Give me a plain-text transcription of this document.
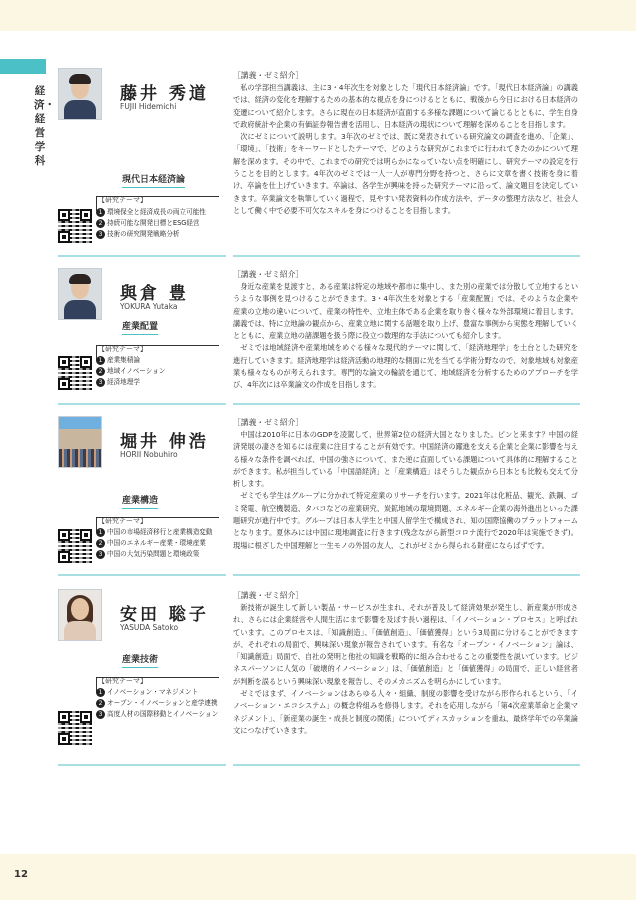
経済・経営学科
藤井 秀道
FUJII Hidemichi
現代日本経済論
【研究テーマ】
1 環境保全と経済成長の両立可能性
2 持続可能な開発目標とESG経営
3 技術の研究開発戦略分析
［講義・ゼミ紹介］

私の学部担当講義は、主に3・4年次生を対象とした「現代日本経済論」です。「現代日本経済論」の講義では、経済の変化を理解するための基本的な視点を身につけるとともに、戦後から今日における日本経済の変遷について紹介します。さらに現在の日本経済が直面する多様な課題について論じるとともに、学生自身で政府統計や企業の有価証券報告書を活用し、日本経済の現状について理解を深めることを目指します。

次にゼミについて説明します。3年次のゼミでは、既に発表されている研究論文の調査を進め、「企業」、「環境」、「技術」をキーワードとしたテーマで、どのような研究がこれまでに行われてきたのかについて理解を深めます。その中で、これまでの研究では明らかになっていない点を明確にし、研究テーマの設定を行うことを目的とします。4年次のゼミでは一人一人が専門分野を持つと、さらに文章を書く技術を身に着け、卒論を仕上げていきます。卒論は、各学生が興味を持った研究テーマに沿って、論文題目を決定していきます。卒業論文を執筆していく過程で、見やすい発表資料の作成方法や、データの整理方法など、社会人として働く中で必要不可欠なスキルを身につけることを目指します。

與倉 豊
YOKURA Yutaka
産業配置
【研究テーマ】
1 産業集積論
2 地域イノベーション
3 経済地理学
［講義・ゼミ紹介］

身近な産業を見渡すと、ある産業は特定の地域や都市に集中し、また別の産業では分散して立地するというような事例を見つけることができます。3・4年次生を対象とする「産業配置」では、そのような企業や産業の立地の違いについて、産業の特性や、立地主体である企業を取り巻く様々な外部環境に着目します。講義では、特に立地論の観点から、産業立地に関する話題を取り上げ、豊富な事例から実態を理解していくとともに、産業立地の諸課題を扱う際に役立つ数理的な手法についても紹介します。

ゼミでは地域経済や産業地域をめぐる様々な現代的テーマに関して、「経済地理学」を土台とした研究を進行していきます。経済地理学は経済活動の地理的な側面に光を当てる学術分野なので、対象地域も対象産業も様々なものが考えられます。専門的な論文の輪読を通じて、地域経済を分析するためのアプローチを学び、4年次には卒業論文の作成を目指します。

堀井 伸浩
HORII Nobuhiro
産業構造
【研究テーマ】
1 中国の市場経済移行と産業構造変動
2 中国のエネルギー産業・環境産業
3 中国の大気汚染問題と環境政策
［講義・ゼミ紹介］

中国は2010年に日本のGDPを凌駕して、世界第2位の経済大国となりました。ピンと来ます？中国の経済発展の凄さを知るには産業に注目することが有効です。中国経済の躍進を支える企業と企業に影響を与える様々な条件を調べれば、中国の強さについて、また逆に直面している課題について具体的に理解することができます。私が担当している「中国語経済」と「産業構造」はそうした観点から日本とも比較も交えて分析します。

ゼミでも学生はグループに分かれて特定産業のリサーチを行います。2021年は化粧品、観光、鉄鋼、ゴミ発電、航空機製造、タバコなどの産業研究、炭鉱地域の環境問題、エネルギー企業の海外進出といった課題研究が進行中です。グループは日本人学生と中国人留学生で構成され、知の国際協働のプラットフォームとなります。夏休みには中国に現地調査に行きます(残念ながら新型コロナ流行で2020年は実施できず)。現場に根ざした中国理解と一生モノの外国の友人、これがゼミから得られる財産にならばずです。

安田 聡子
YASUDA Satoko
産業技術
【研究テーマ】
1 イノベーション・マネジメント
2 オープン・イノベーションと産学連携
3 高度人材の国際移動とイノベーション
［講義・ゼミ紹介］

新技術が誕生して新しい製品・サービスが生まれ、それが普及して経済効果が発生し、新産業が形成され、さらには企業経営や人間生活にまで影響を及ぼす長い過程は、「イノベーション・プロセス」と呼ばれています。このプロセスは、「知識創造」、「価値創造」、「価値獲得」という3局面に分けることができますが、それぞれの局面で、興味深い現象が報告されています。有名な「オープン・イノベーション」論は、「知識創造」局面で、自社の発明と他社の知識を戦略的に組み合わせることの重要性を説いています。ビジネスパーソンに人気の「破壊的イノベーション」は、「価値創造」と「価値獲得」の局面で、正しい経営者が判断を誤るという興味深い現象を報告し、そのメカニズムを明らかにしています。

ゼミではまず、イノベーションはあらゆる人々・組織、制度の影響を受けながら形作られるという、「イノベーション・エコシステム」の概念枠組みを修得します。それを応用しながら「第4次産業革命と企業マネジメント」、「新産業の誕生・成長と制度の関係」についてディスカッションを重ね、最終学年での卒業論文につなげていきます。

12
